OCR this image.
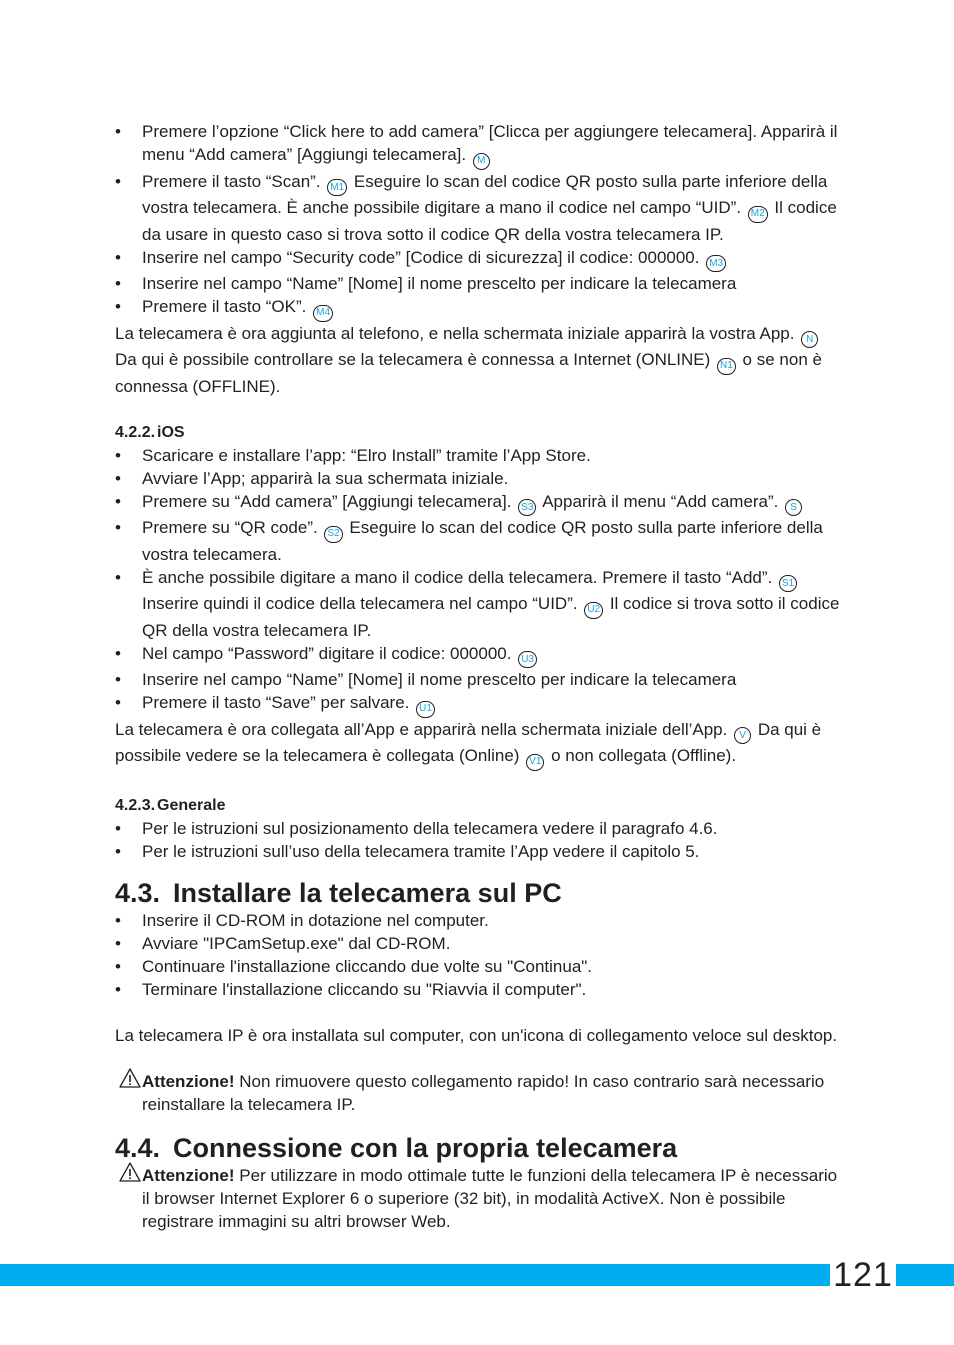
• Premere l’opzione “Click here to add camera” [Clicca per aggiungere telecamera]. Apparirà il menu “Add camera” [Aggiungi telecamera]. M
• Premere il tasto “Scan”. M1 Eseguire lo scan del codice QR posto sulla parte inferiore della vostra telecamera. È anche possibile digitare a mano il codice nel campo “UID”. M2 Il codice da usare in questo caso si trova sotto il codice QR della vostra telecamera IP.
• Inserire nel campo “Security code” [Codice di sicurezza] il codice: 000000. M3
• Inserire nel campo “Name” [Nome] il nome prescelto per indicare la telecamera
• Premere il tasto “OK”. M4

La telecamera è ora aggiunta al telefono, e nella schermata iniziale apparirà la vostra App. N Da qui è possibile controllare se la telecamera è connessa a Internet (ONLINE) N1 o se non è connessa (OFFLINE).

4.2.2. iOS
• Scaricare e installare l’app: “Elro Install” tramite l’App Store.
• Avviare l’App; apparirà la sua schermata iniziale.
• Premere su “Add camera” [Aggiungi telecamera]. S3 Apparirà il menu “Add camera”. S
• Premere su “QR code”. S2 Eseguire lo scan del codice QR posto sulla parte inferiore della vostra telecamera.
• È anche possibile digitare a mano il codice della telecamera. Premere il tasto “Add”. S1 Inserire quindi il codice della telecamera nel campo “UID”. U2 Il codice si trova sotto il codice QR della vostra telecamera IP.
• Nel campo “Password” digitare il codice: 000000. U3
• Inserire nel campo “Name” [Nome] il nome prescelto per indicare la telecamera
• Premere il tasto “Save” per salvare. U1

La telecamera è ora collegata all’App e apparirà nella schermata iniziale dell’App. V Da qui è possibile vedere se la telecamera è collegata (Online) V1 o non collegata (Offline).

4.2.3. Generale
• Per le istruzioni sul posizionamento della telecamera vedere il paragrafo 4.6.
• Per le istruzioni sull’uso della telecamera tramite l’App vedere il capitolo 5.
4.3. Installare la telecamera sul PC
• Inserire il CD-ROM in dotazione nel computer.
• Avviare "IPCamSetup.exe" dal CD-ROM.
• Continuare l'installazione cliccando due volte su "Continua".
• Terminare l'installazione cliccando su "Riavvia il computer".

La telecamera IP è ora installata sul computer, con un'icona di collegamento veloce sul desktop.

Attenzione! Non rimuovere questo collegamento rapido! In caso contrario sarà necessario reinstallare la telecamera IP.
4.4. Connessione con la propria telecamera
Attenzione! Per utilizzare in modo ottimale tutte le funzioni della telecamera IP è necessario il browser Internet Explorer 6 o superiore (32 bit), in modalità ActiveX. Non è possibile registrare immagini su altri browser Web.
121
